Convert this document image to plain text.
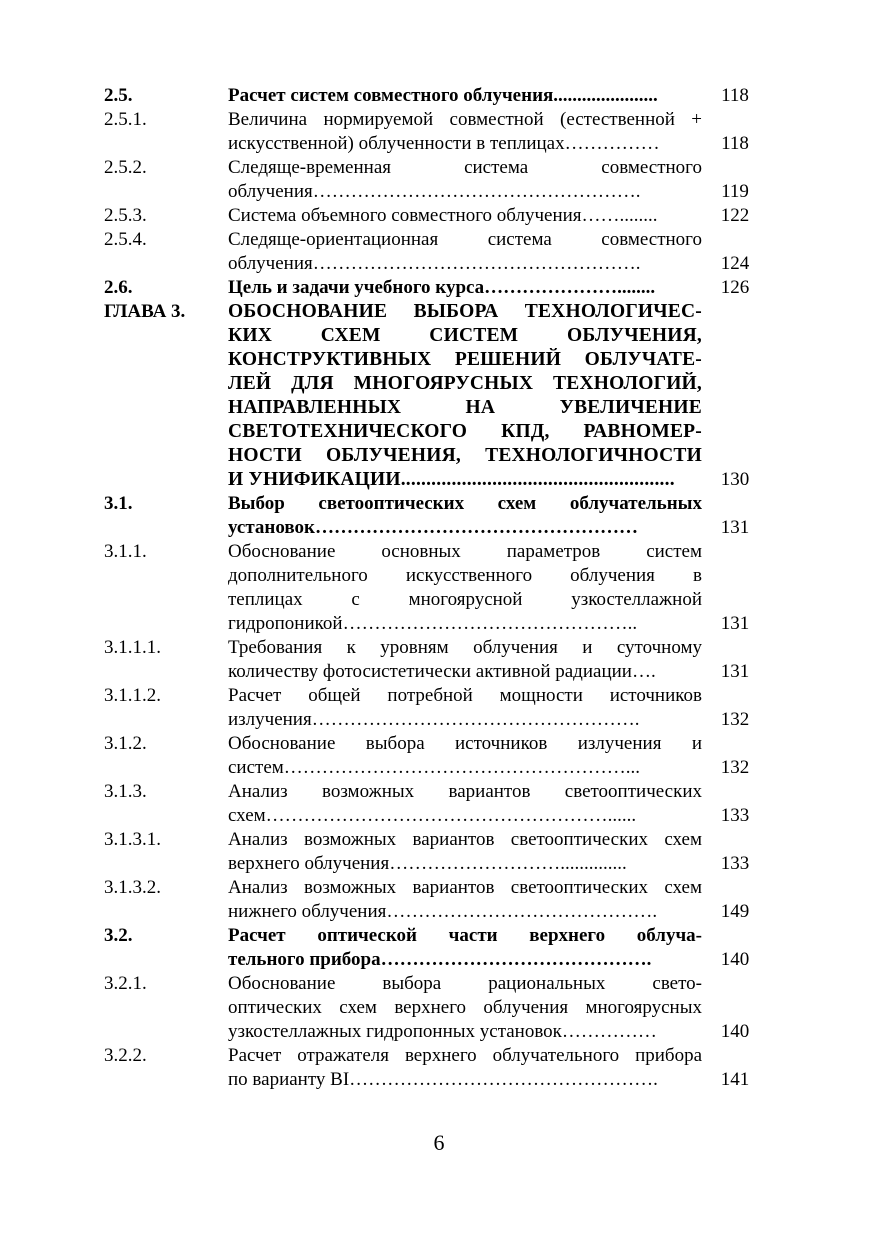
2.5.	Расчет систем совместного облучения......................	118
2.5.1.	Величина нормируемой совместной (естественной +
искусственной) облученности в теплицах……………	118
2.5.2.	Следяще-временная система совместного
облучения…………………………………………….	119
2.5.3.	Система объемного совместного облучения……........	122
2.5.4.	Следяще-ориентационная система совместного
облучения…………………………………………….	124
2.6.	Цель и задачи учебного курса…………………........	126
ГЛАВА 3.	ОБОСНОВАНИЕ ВЫБОРА ТЕХНОЛОГИЧЕС-
КИХ СХЕМ СИСТЕМ ОБЛУЧЕНИЯ,
КОНСТРУКТИВНЫХ РЕШЕНИЙ ОБЛУЧАТЕ-
ЛЕЙ ДЛЯ МНОГОЯРУСНЫХ ТЕХНОЛОГИЙ,
НАПРАВЛЕННЫХ НА УВЕЛИЧЕНИЕ
СВЕТОТЕХНИЧЕСКОГО КПД, РАВНОМЕР-
НОСТИ ОБЛУЧЕНИЯ, ТЕХНОЛОГИЧНОСТИ
И УНИФИКАЦИИ......................................................	130
3.1.	Выбор светооптических схем облучательных
установок……………………………………………	131
3.1.1.	Обоснование основных параметров систем
дополнительного искусственного облучения в
теплицах с многоярусной узкостеллажной
гидропоникой………………………………………..	131
3.1.1.1.	Требования к уровням облучения и суточному
количеству фотосистетически активной радиации….	131
3.1.1.2.	Расчет общей потребной мощности источников
излучения…………………………………………….	132
3.1.2.	Обоснование выбора источников излучения и
систем………………………………………………...	132
3.1.3.	Анализ возможных вариантов светооптических
схем………………………………………………......	133
3.1.3.1.	Анализ возможных вариантов светооптических схем
верхнего облучения………………………..............	133
3.1.3.2.	Анализ возможных вариантов светооптических схем
нижнего облучения…………………………………….	149
3.2.	Расчет оптической части верхнего облуча-
тельного прибора…………………………………….	140
3.2.1.	Обоснование выбора рациональных свето-
оптических схем верхнего облучения многоярусных
узкостеллажных гидропонных установок……………	140
3.2.2.	Расчет отражателя верхнего облучательного прибора
по варианту ВI………………………………………….	141
6
